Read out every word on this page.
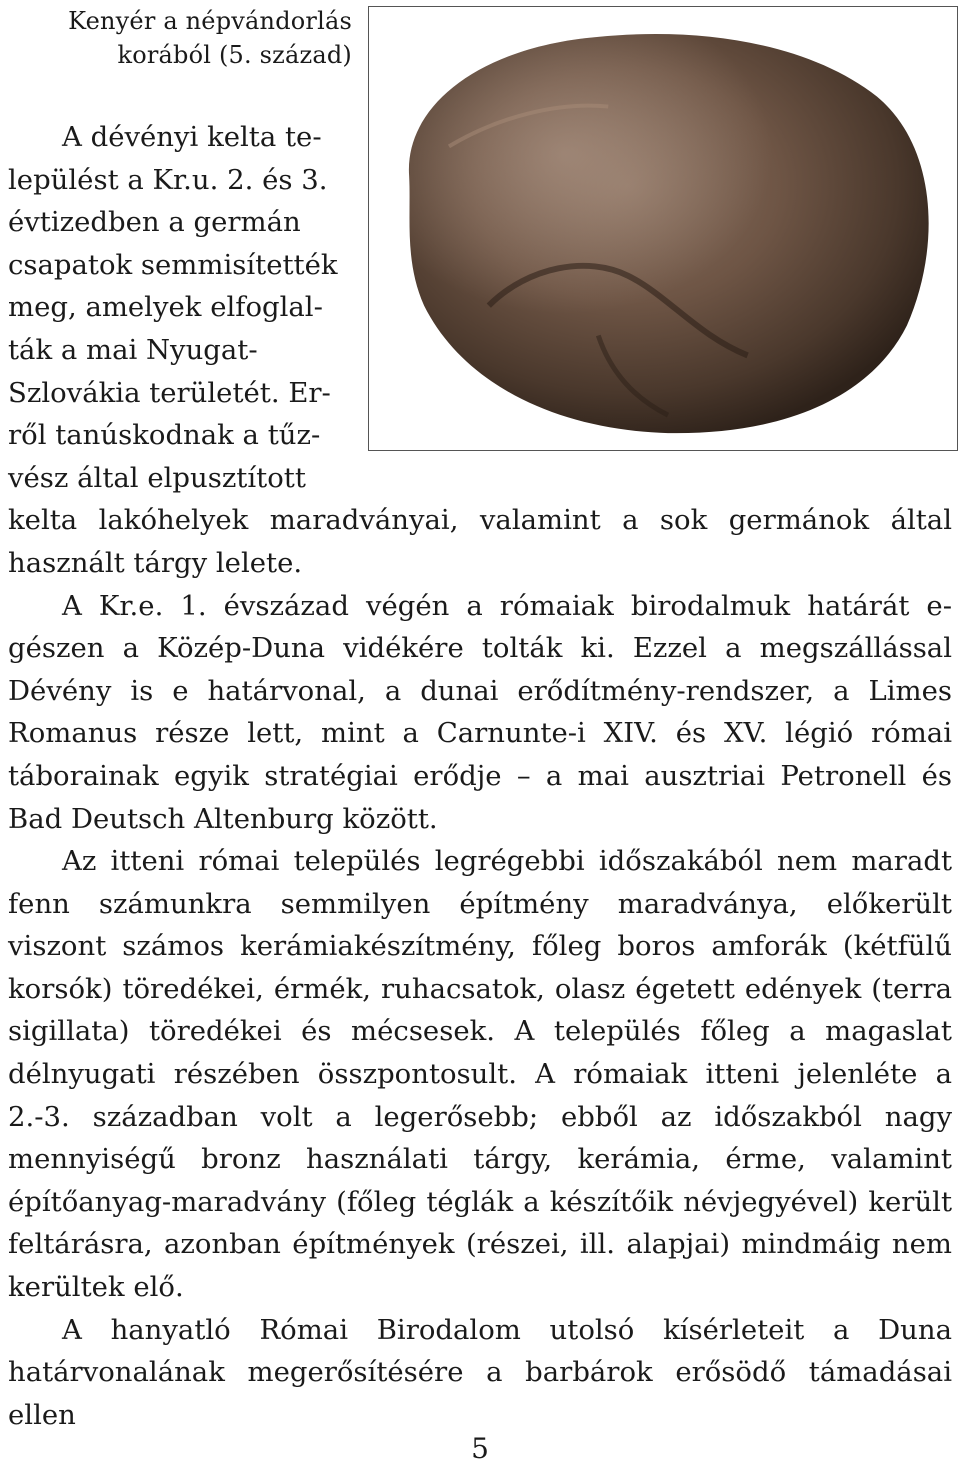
Kenyér a népvándorlás korából (5. század)
A dévényi kelta te-
lepülést a Kr.u. 2. és 3.
évtizedben a germán
csapatok semmisítették
meg, amelyek elfoglal-
ták a mai Nyugat-
Szlovákia területét. Er-
ről tanúskodnak a tűz-
vész által elpusztított

kelta lakóhelyek maradványai, valamint a sok germánok által használt tárgy lelete.

A Kr.e. 1. évszázad végén a rómaiak birodalmuk határát e-gészen a Közép-Duna vidékére tolták ki. Ezzel a megszállással Dévény is e határvonal, a dunai erődítmény-rendszer, a Limes Romanus része lett, mint a Carnunte-i XIV. és XV. légió római táborainak egyik stratégiai erődje – a mai ausztriai Petronell és Bad Deutsch Altenburg között.

Az itteni római település legrégebbi időszakából nem maradt fenn számunkra semmilyen építmény maradványa, előkerült viszont számos kerámiakészítmény, főleg boros amforák (kétfülű korsók) töredékei, érmék, ruhacsatok, olasz égetett edények (terra sigillata) töredékei és mécsesek. A település főleg a magaslat délnyugati részében összpontosult. A rómaiak itteni jelenléte a 2.-3. században volt a legerősebb; ebből az időszakból nagy mennyiségű bronz használati tárgy, kerámia, érme, valamint építőanyag-maradvány (főleg téglák a készítőik névjegyével) került feltárásra, azonban építmények (részei, ill. alapjai) mindmáig nem kerültek elő.

A hanyatló Római Birodalom utolsó kísérleteit a Duna határvonalának megerősítésére a barbárok erősödő támadásai ellen

5
